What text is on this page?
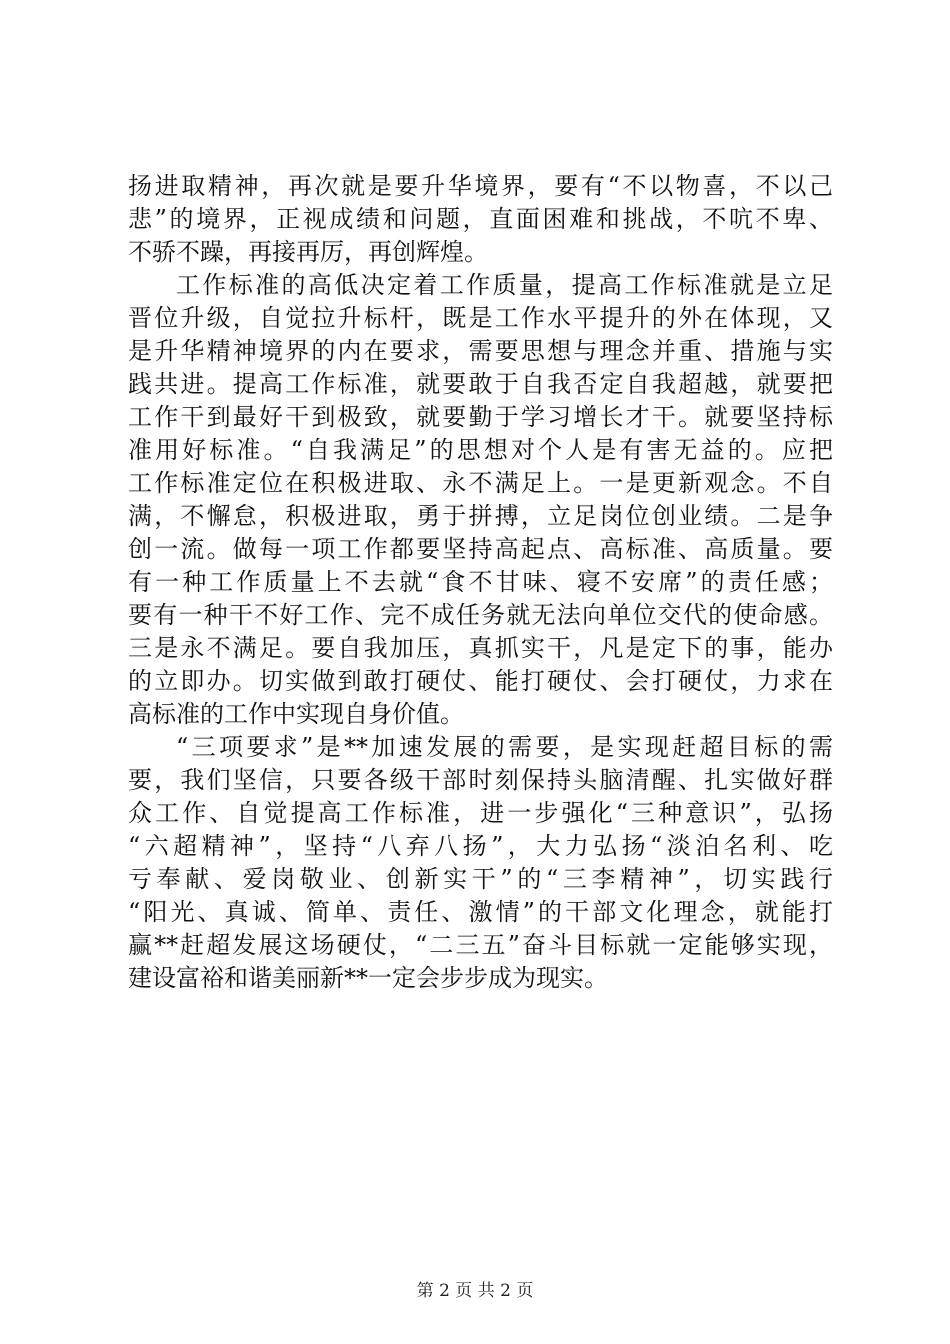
扬进取精神，再次就是要升华境界，要有“不以物喜，不以己
悲”的境界，正视成绩和问题，直面困难和挑战，不吭不卑、
不骄不躁，再接再厉，再创辉煌。
工作标准的高低决定着工作质量，提高工作标准就是立足
晋位升级，自觉拉升标杆，既是工作水平提升的外在体现，又
是升华精神境界的内在要求，需要思想与理念并重、措施与实
践共进。提高工作标准，就要敢于自我否定自我超越，就要把
工作干到最好干到极致，就要勤于学习增长才干。就要坚持标
准用好标准。“自我满足”的思想对个人是有害无益的。应把
工作标准定位在积极进取、永不满足上。一是更新观念。不自
满，不懈怠，积极进取，勇于拼搏，立足岗位创业绩。二是争
创一流。做每一项工作都要坚持高起点、高标准、高质量。要
有一种工作质量上不去就“食不甘味、寝不安席”的责任感；
要有一种干不好工作、完不成任务就无法向单位交代的使命感。
三是永不满足。要自我加压，真抓实干，凡是定下的事，能办
的立即办。切实做到敢打硬仗、能打硬仗、会打硬仗，力求在
高标准的工作中实现自身价值。
“三项要求”是**加速发展的需要，是实现赶超目标的需
要，我们坚信，只要各级干部时刻保持头脑清醒、扎实做好群
众工作、自觉提高工作标准，进一步强化“三种意识”，弘扬
“六超精神”，坚持“八弃八扬”，大力弘扬“淡泊名利、吃
亏奉献、爱岗敬业、创新实干”的“三李精神”，切实践行
“阳光、真诚、简单、责任、激情”的干部文化理念，就能打
赢**赶超发展这场硬仗，“二三五”奋斗目标就一定能够实现，
建设富裕和谐美丽新**一定会步步成为现实。
第 2 页 共 2 页
